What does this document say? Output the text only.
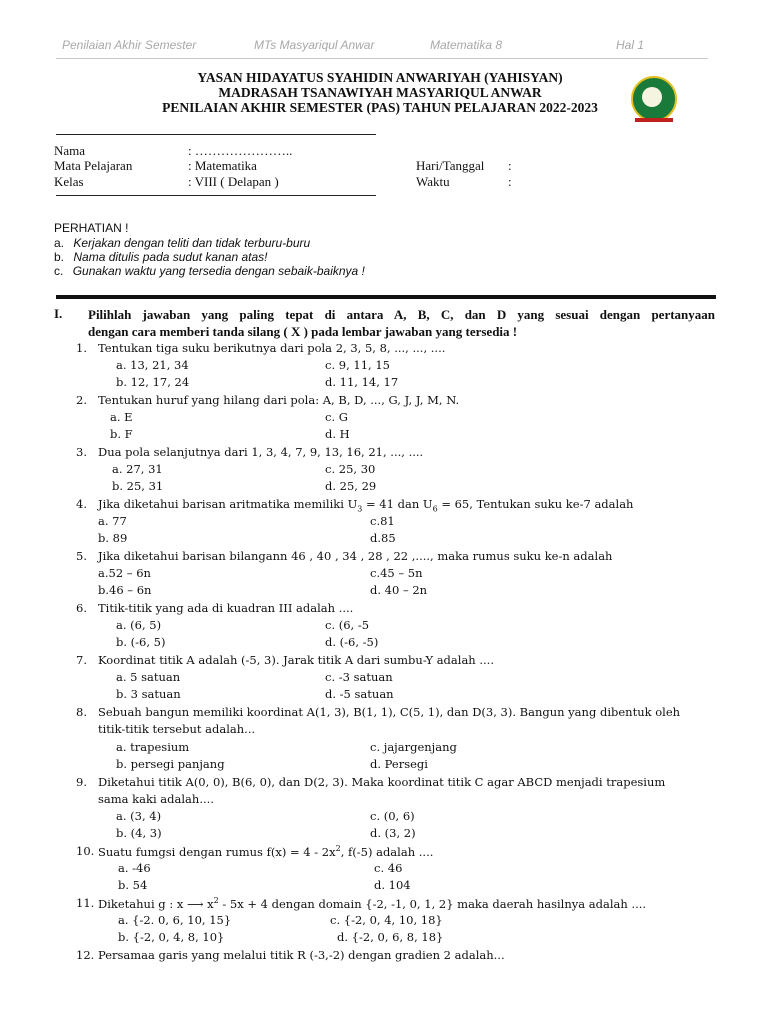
Penilaian Akhir Semester	MTs Masyariqul Anwar	Matematika 8	Hal 1
YASAN HIDAYATUS SYAHIDIN ANWARIYAH (YAHISYAN)
MADRASAH TSANAWIYAH MASYARIQUL ANWAR
PENILAIAN AKHIR SEMESTER (PAS) TAHUN PELAJARAN 2022-2023
Nama	: …………………..
Mata Pelajaran	: Matematika
Kelas	: VIII ( Delapan )
Hari/Tanggal :
Waktu	:
PERHATIAN !
a. Kerjakan dengan teliti dan tidak terburu-buru
b. Nama ditulis pada sudut kanan atas!
c. Gunakan waktu yang tersedia dengan sebaik-baiknya !
I. Pilihlah jawaban yang paling tepat di antara A, B, C, dan D yang sesuai dengan pertanyaan
dengan cara memberi tanda silang ( X ) pada lembar jawaban yang tersedia !
1. Tentukan tiga suku berikutnya dari pola 2, 3, 5, 8, ..., ..., ....
a. 13, 21, 34	c. 9, 11, 15
b. 12, 17, 24	d. 11, 14, 17
2. Tentukan huruf yang hilang dari pola: A, B, D, ..., G, J, J, M, N.
a. E	c. G
b. F	d. H
3. Dua pola selanjutnya dari 1, 3, 4, 7, 9, 13, 16, 21, ..., ....
a. 27, 31	c. 25, 30
b. 25, 31	d. 25, 29
4. Jika diketahui barisan aritmatika memiliki $U_3 = 41$ dan $U_6 = 65$, Tentukan suku ke-7 adalah
a. 77	c.81
b. 89	d.85
5. Jika diketahui barisan bilangann 46 , 40 , 34 , 28 , 22 ,...., maka rumus suku ke-n adalah
a.52 – 6n	c.45 – 5n
b.46 – 6n	d. 40 – 2n
6. Titik-titik yang ada di kuadran III adalah ....
a. (6, 5)	c. (6, -5
b. (-6, 5)	d. (-6, -5)
7. Koordinat titik A adalah (-5, 3). Jarak titik A dari sumbu-Y adalah ....
a. 5 satuan	c. -3 satuan
b. 3 satuan	d. -5 satuan
8. Sebuah bangun memiliki koordinat A(1, 3), B(1, 1), C(5, 1), dan D(3, 3). Bangun yang dibentuk oleh
titik-titik tersebut adalah...
a. trapesium	c. jajargenjang
b. persegi panjang	d. Persegi
9. Diketahui titik A(0, 0), B(6, 0), dan D(2, 3). Maka koordinat titik C agar ABCD menjadi trapesium
sama kaki adalah....
a. (3, 4)	c. (0, 6)
b. (4, 3)	d. (3, 2)
10. Suatu fumgsi dengan rumus $f(x) = 4 - 2x^2$, f(-5) adalah ....
a. -46	c. 46
b. 54	d. 104
11. Diketahui g : x ⟶ $x^2 - 5x + 4$ dengan domain {-2, -1, 0, 1, 2} maka daerah hasilnya adalah ....
a. {-2. 0, 6, 10, 15}	c. {-2, 0, 4, 10, 18}
b. {-2, 0, 4, 8, 10}	d. {-2, 0, 6, 8, 18}
12. Persamaa garis yang melalui titik R (-3,-2) dengan gradien 2 adalah...
